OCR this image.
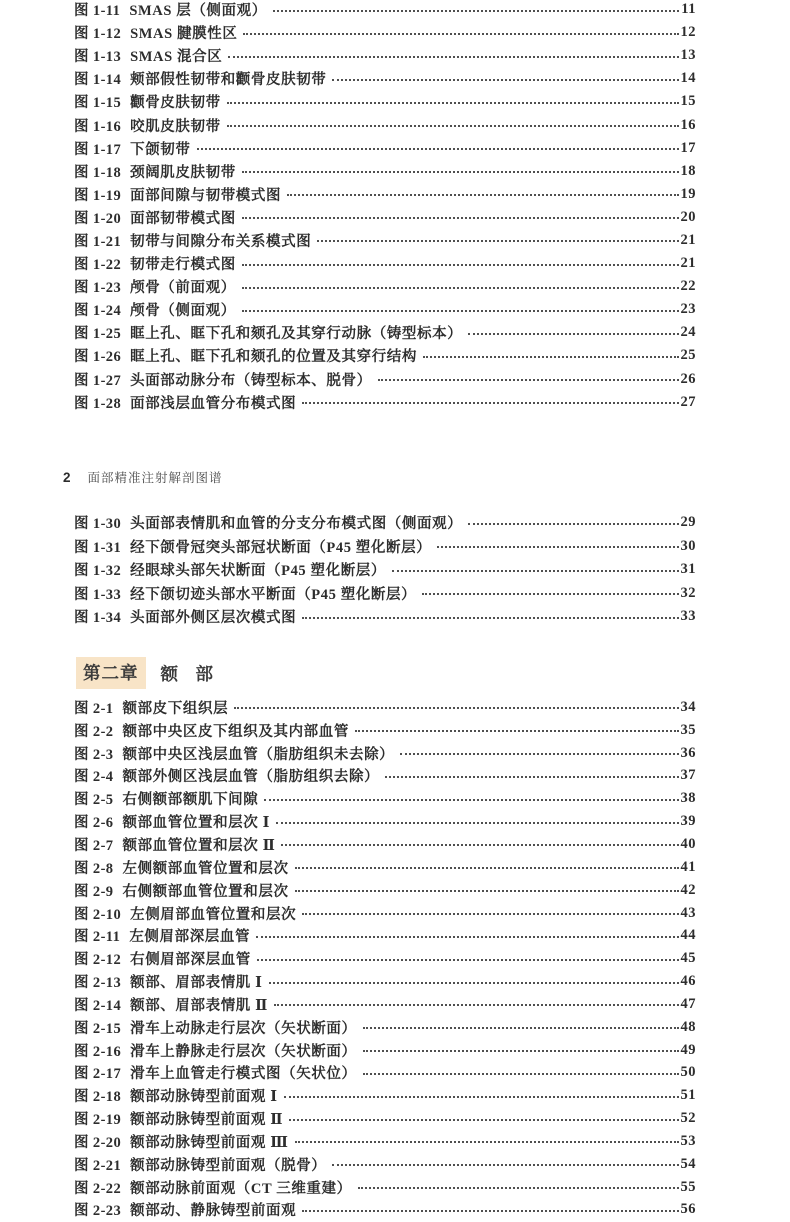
图 1-11 SMAS 层（侧面观）	11
图 1-12 SMAS 腱膜性区	12
图 1-13 SMAS 混合区	13
图 1-14 颊部假性韧带和颧骨皮肤韧带	14
图 1-15 颧骨皮肤韧带	15
图 1-16 咬肌皮肤韧带	16
图 1-17 下颌韧带	17
图 1-18 颈阔肌皮肤韧带	18
图 1-19 面部间隙与韧带模式图	19
图 1-20 面部韧带模式图	20
图 1-21 韧带与间隙分布关系模式图	21
图 1-22 韧带走行模式图	21
图 1-23 颅骨（前面观）	22
图 1-24 颅骨（侧面观）	23
图 1-25 眶上孔、眶下孔和颏孔及其穿行动脉（铸型标本）	24
图 1-26 眶上孔、眶下孔和颏孔的位置及其穿行结构	25
图 1-27 头面部动脉分布（铸型标本、脱骨）	26
图 1-28 面部浅层血管分布模式图	27
2 面部精准注射解剖图谱
图 1-30 头面部表情肌和血管的分支分布模式图（侧面观）	29
图 1-31 经下颌骨冠突头部冠状断面（P45 塑化断层）	30
图 1-32 经眼球头部矢状断面（P45 塑化断层）	31
图 1-33 经下颌切迹头部水平断面（P45 塑化断层）	32
图 1-34 头面部外侧区层次模式图	33
第二章	额　部
图 2-1 额部皮下组织层	34
图 2-2 额部中央区皮下组织及其内部血管	35
图 2-3 额部中央区浅层血管（脂肪组织未去除）	36
图 2-4 额部外侧区浅层血管（脂肪组织去除）	37
图 2-5 右侧额部额肌下间隙	38
图 2-6 额部血管位置和层次 Ⅰ	39
图 2-7 额部血管位置和层次 Ⅱ	40
图 2-8 左侧额部血管位置和层次	41
图 2-9 右侧额部血管位置和层次	42
图 2-10 左侧眉部血管位置和层次	43
图 2-11 左侧眉部深层血管	44
图 2-12 右侧眉部深层血管	45
图 2-13 额部、眉部表情肌 Ⅰ	46
图 2-14 额部、眉部表情肌 Ⅱ	47
图 2-15 滑车上动脉走行层次（矢状断面）	48
图 2-16 滑车上静脉走行层次（矢状断面）	49
图 2-17 滑车上血管走行模式图（矢状位）	50
图 2-18 额部动脉铸型前面观 Ⅰ	51
图 2-19 额部动脉铸型前面观 Ⅱ	52
图 2-20 额部动脉铸型前面观 Ⅲ	53
图 2-21 额部动脉铸型前面观（脱骨）	54
图 2-22 额部动脉前面观（CT 三维重建）	55
图 2-23 额部动、静脉铸型前面观	56
